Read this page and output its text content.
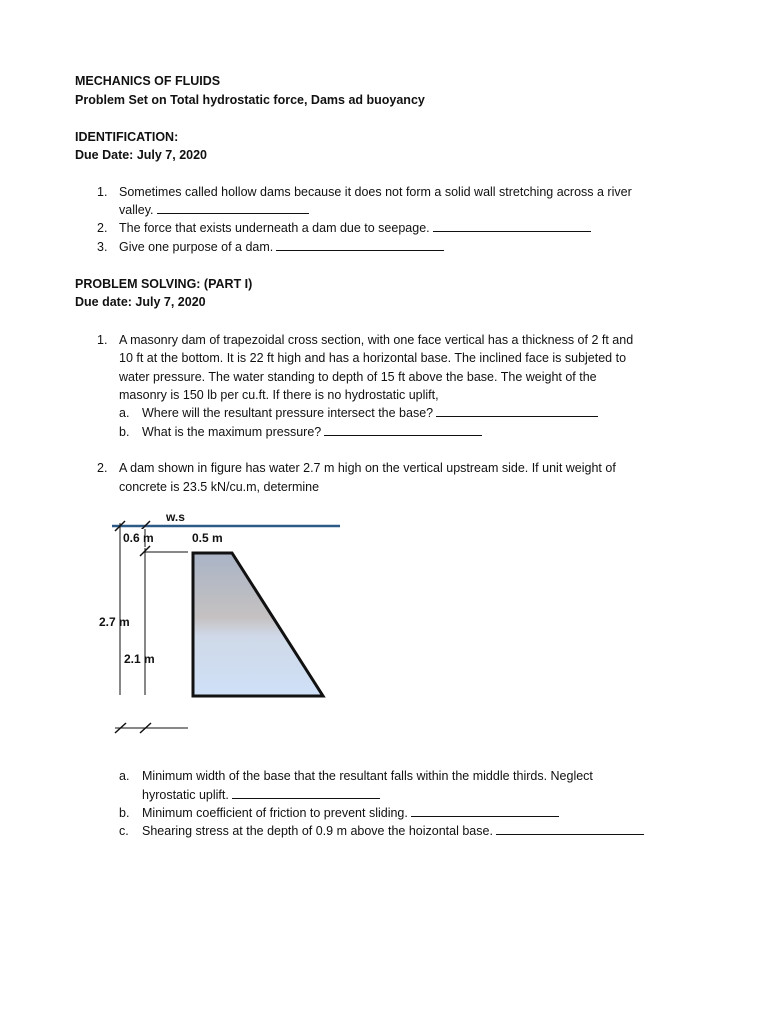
MECHANICS OF FLUIDS
Problem Set on Total hydrostatic force, Dams ad buoyancy
IDENTIFICATION:
Due Date: July 7, 2020
1. Sometimes called hollow dams because it does not form a solid wall stretching across a river
valley.
2. The force that exists underneath a dam due to seepage.
3. Give one purpose of a dam.
PROBLEM SOLVING: (PART I)
Due date: July 7, 2020
1. A masonry dam of trapezoidal cross section, with one face vertical has a thickness of 2 ft and
10 ft at the bottom. It is 22 ft high and has a horizontal base. The inclined face is subjeted to
water pressure. The water standing to depth of 15 ft above the base. The weight of the
masonry is 150 lb per cu.ft. If there is no hydrostatic uplift,
a. Where will the resultant pressure intersect the base?
b. What is the maximum pressure?
2. A dam shown in figure has water 2.7 m high on the vertical upstream side. If unit weight of
concrete is 23.5 kN/cu.m, determine
w.s
0.6 m	0.5 m
2.7 m
2.1 m
a. Minimum width of the base that the resultant falls within the middle thirds. Neglect
hyrostatic uplift.
b. Minimum coefficient of friction to prevent sliding.
c. Shearing stress at the depth of 0.9 m above the hoizontal base.
